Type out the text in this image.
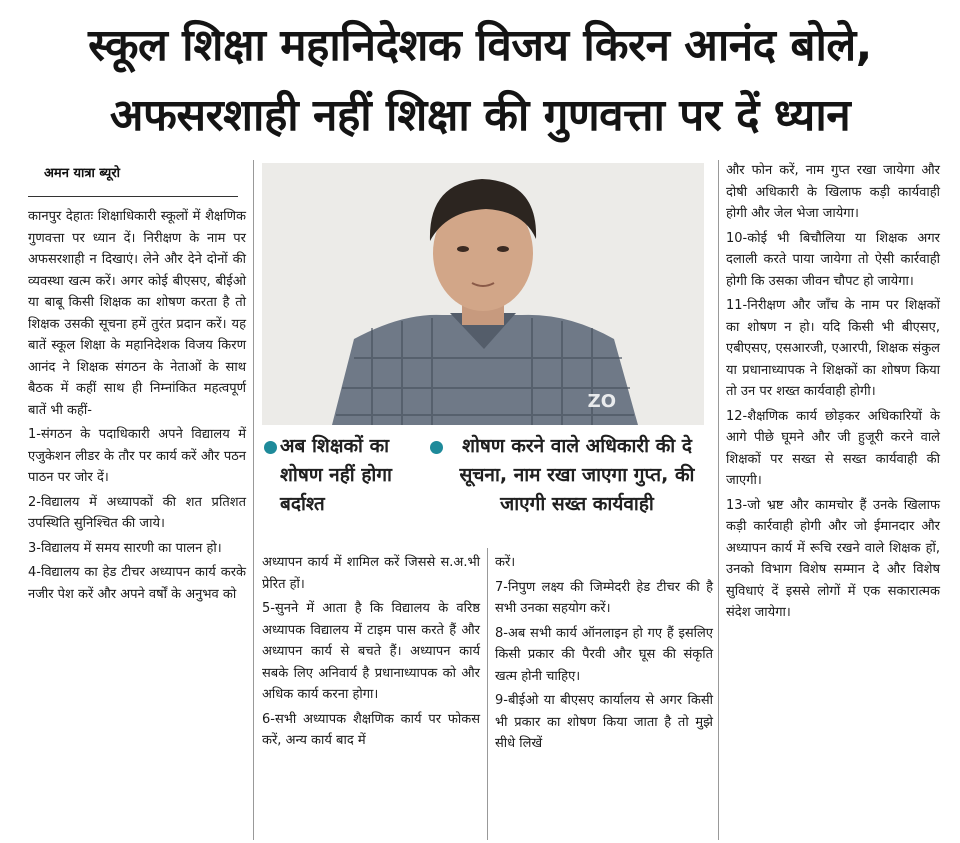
स्कूल शिक्षा महानिदेशक विजय किरन आनंद बोले,
अफसरशाही नहीं शिक्षा की गुणवत्ता पर दें ध्यान
अमन यात्रा ब्यूरो

कानपुर देहातः शिक्षाधिकारी स्कूलों में शैक्षणिक गुणवत्ता पर ध्यान दें। निरीक्षण के नाम पर अफसरशाही न दिखाएं। लेने और देने दोनों की व्यवस्था खत्म करें। अगर कोई बीएसए, बीईओ या बाबू किसी शिक्षक का शोषण करता है तो शिक्षक उसकी सूचना हमें तुरंत प्रदान करें। यह बातें स्कूल शिक्षा के महानिदेशक विजय किरण आनंद ने शिक्षक संगठन के नेताओं के साथ बैठक में कहीं साथ ही निम्नांकित महत्वपूर्ण बातें भी कहीं-

1-संगठन के पदाधिकारी अपने विद्यालय में एजुकेशन लीडर के तौर पर कार्य करें और पठन पाठन पर जोर दें।

2-विद्यालय में अध्यापकों की शत प्रतिशत उपस्थिति सुनिश्चित की जाये।

3-विद्यालय में समय सारणी का पालन हो।

4-विद्यालय का हेड टीचर अध्यापन कार्य करके नजीर पेश करें और अपने वर्षों के अनुभव को

ZO
अब शिक्षकों का शोषण नहीं होगा बर्दाश्त
शोषण करने वाले अधिकारी की दे सूचना, नाम रखा जाएगा गुप्त, की जाएगी सख्त कार्यवाही

अध्यापन कार्य में शामिल करें जिससे स.अ.भी प्रेरित हों।

5-सुनने में आता है कि विद्यालय के वरिष्ठ अध्यापक विद्यालय में टाइम पास करते हैं और अध्यापन कार्य से बचते हैं। अध्यापन कार्य सबके लिए अनिवार्य है प्रधानाध्यापक को और अधिक कार्य करना होगा।

6-सभी अध्यापक शैक्षणिक कार्य पर फोकस करें, अन्य कार्य बाद में

करें।

7-निपुण लक्ष्य की जिम्मेदरी हेड टीचर की है सभी उनका सहयोग करें।

8-अब सभी कार्य ऑनलाइन हो गए हैं इसलिए किसी प्रकार की पैरवी और घूस की संकृति खत्म होनी चाहिए।

9-बीईओ या बीएसए कार्यालय से अगर किसी भी प्रकार का शोषण किया जाता है तो मुझे सीधे लिखें

और फोन करें, नाम गुप्त रखा जायेगा और दोषी अधिकारी के खिलाफ कड़ी कार्यवाही होगी और जेल भेजा जायेगा।

10-कोई भी बिचौलिया या शिक्षक अगर दलाली करते पाया जायेगा तो ऐसी कार्रवाही होगी कि उसका जीवन चौपट हो जायेगा।

11-निरीक्षण और जाँच के नाम पर शिक्षकों का शोषण न हो। यदि किसी भी बीएसए, एबीएसए, एसआरजी, एआरपी, शिक्षक संकुल या प्रधानाध्यापक ने शिक्षकों का शोषण किया तो उन पर शख्त कार्यवाही होगी।

12-शैक्षणिक कार्य छोड़कर अधिकारियों के आगे पीछे घूमने और जी हुजूरी करने वाले शिक्षकों पर सख्त से सख्त कार्यवाही की जाएगी।

13-जो भ्रष्ट और कामचोर हैं उनके खिलाफ कड़ी कार्रवाही होगी और जो ईमानदार और अध्यापन कार्य में रूचि रखने वाले शिक्षक हों, उनको विभाग विशेष सम्मान दे और विशेष सुविधाएं दें इससे लोगों में एक सकारात्मक संदेश जायेगा।
